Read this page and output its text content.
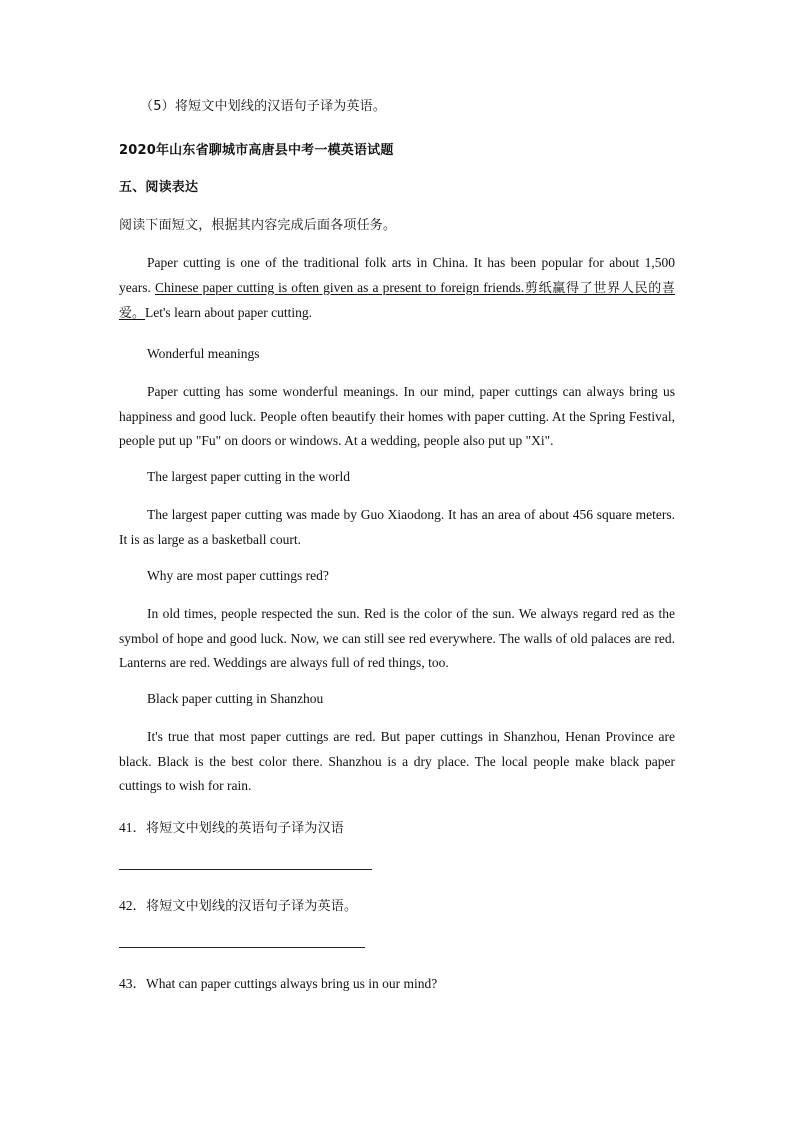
（5）将短文中划线的汉语句子译为英语。
2020年山东省聊城市高唐县中考一模英语试题
五、阅读表达
阅读下面短文，根据其内容完成后面各项任务。
Paper cutting is one of the traditional folk arts in China. It has been popular for about 1,500 years. Chinese paper cutting is often given as a present to foreign friends.剪纸赢得了世界人民的喜爱。Let's learn about paper cutting.
Wonderful meanings
Paper cutting has some wonderful meanings. In our mind, paper cuttings can always bring us happiness and good luck. People often beautify their homes with paper cutting. At the Spring Festival, people put up "Fu" on doors or windows. At a wedding, people also put up "Xi".
The largest paper cutting in the world
The largest paper cutting was made by Guo Xiaodong. It has an area of about 456 square meters. It is as large as a basketball court.
Why are most paper cuttings red?
In old times, people respected the sun. Red is the color of the sun. We always regard red as the symbol of hope and good luck. Now, we can still see red everywhere. The walls of old palaces are red. Lanterns are red. Weddings are always full of red things, too.
Black paper cutting in Shanzhou
It's true that most paper cuttings are red. But paper cuttings in Shanzhou, Henan Province are black. Black is the best color there. Shanzhou is a dry place. The local people make black paper cuttings to wish for rain.
41．将短文中划线的英语句子译为汉语
42．将短文中划线的汉语句子译为英语。
43．What can paper cuttings always bring us in our mind?
